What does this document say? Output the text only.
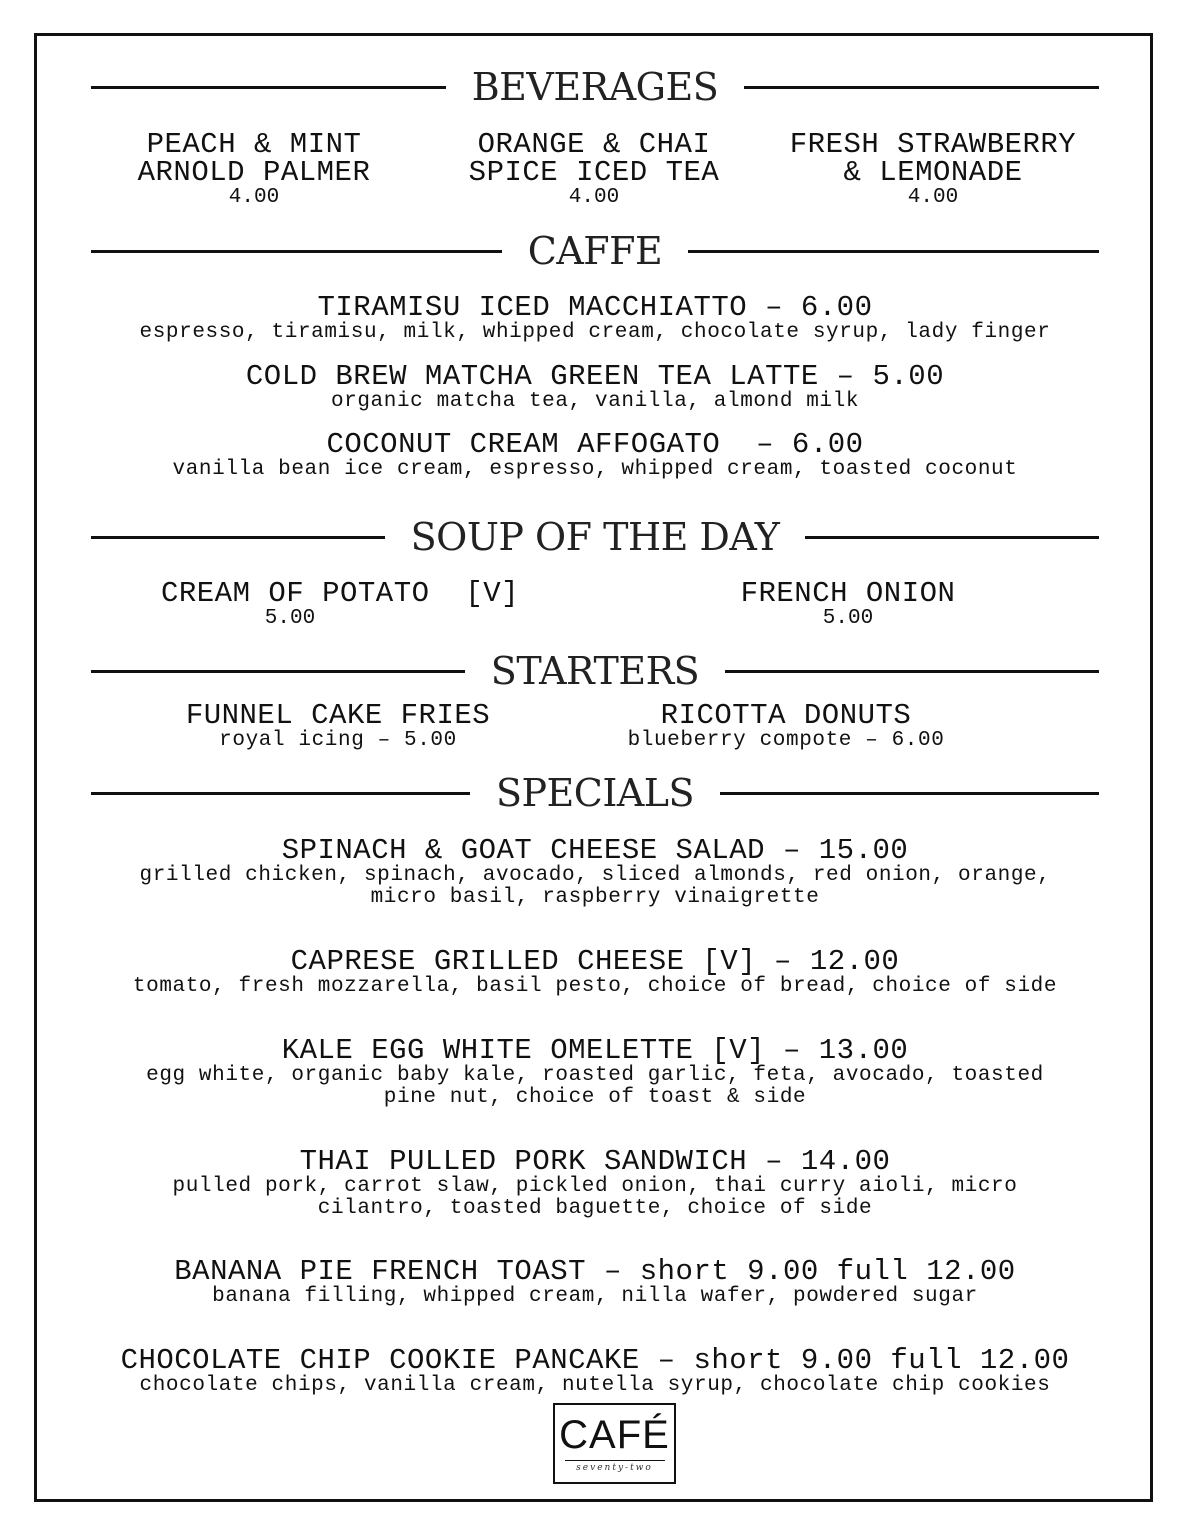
BEVERAGES
PEACH & MINT
ARNOLD PALMER
4.00
ORANGE & CHAI
SPICE ICED TEA
4.00
FRESH STRAWBERRY
& LEMONADE
4.00
CAFFE
TIRAMISU ICED MACCHIATTO – 6.00
espresso, tiramisu, milk, whipped cream, chocolate syrup, lady finger
COLD BREW MATCHA GREEN TEA LATTE – 5.00
organic matcha tea, vanilla, almond milk
COCONUT CREAM AFFOGATO  – 6.00
vanilla bean ice cream, espresso, whipped cream, toasted coconut
SOUP OF THE DAY
CREAM OF POTATO  [V]
5.00
FRENCH ONION
5.00
STARTERS
FUNNEL CAKE FRIES
royal icing – 5.00
RICOTTA DONUTS
blueberry compote – 6.00
SPECIALS
SPINACH & GOAT CHEESE SALAD – 15.00
grilled chicken, spinach, avocado, sliced almonds, red onion, orange,
micro basil, raspberry vinaigrette
CAPRESE GRILLED CHEESE [V] – 12.00
tomato, fresh mozzarella, basil pesto, choice of bread, choice of side
KALE EGG WHITE OMELETTE [V] – 13.00
egg white, organic baby kale, roasted garlic, feta, avocado, toasted
pine nut, choice of toast & side
THAI PULLED PORK SANDWICH – 14.00
pulled pork, carrot slaw, pickled onion, thai curry aioli, micro
cilantro, toasted baguette, choice of side
BANANA PIE FRENCH TOAST – short 9.00 full 12.00
banana filling, whipped cream, nilla wafer, powdered sugar
CHOCOLATE CHIP COOKIE PANCAKE – short 9.00 full 12.00
chocolate chips, vanilla cream, nutella syrup, chocolate chip cookies
CAFÉ
seventy-two
